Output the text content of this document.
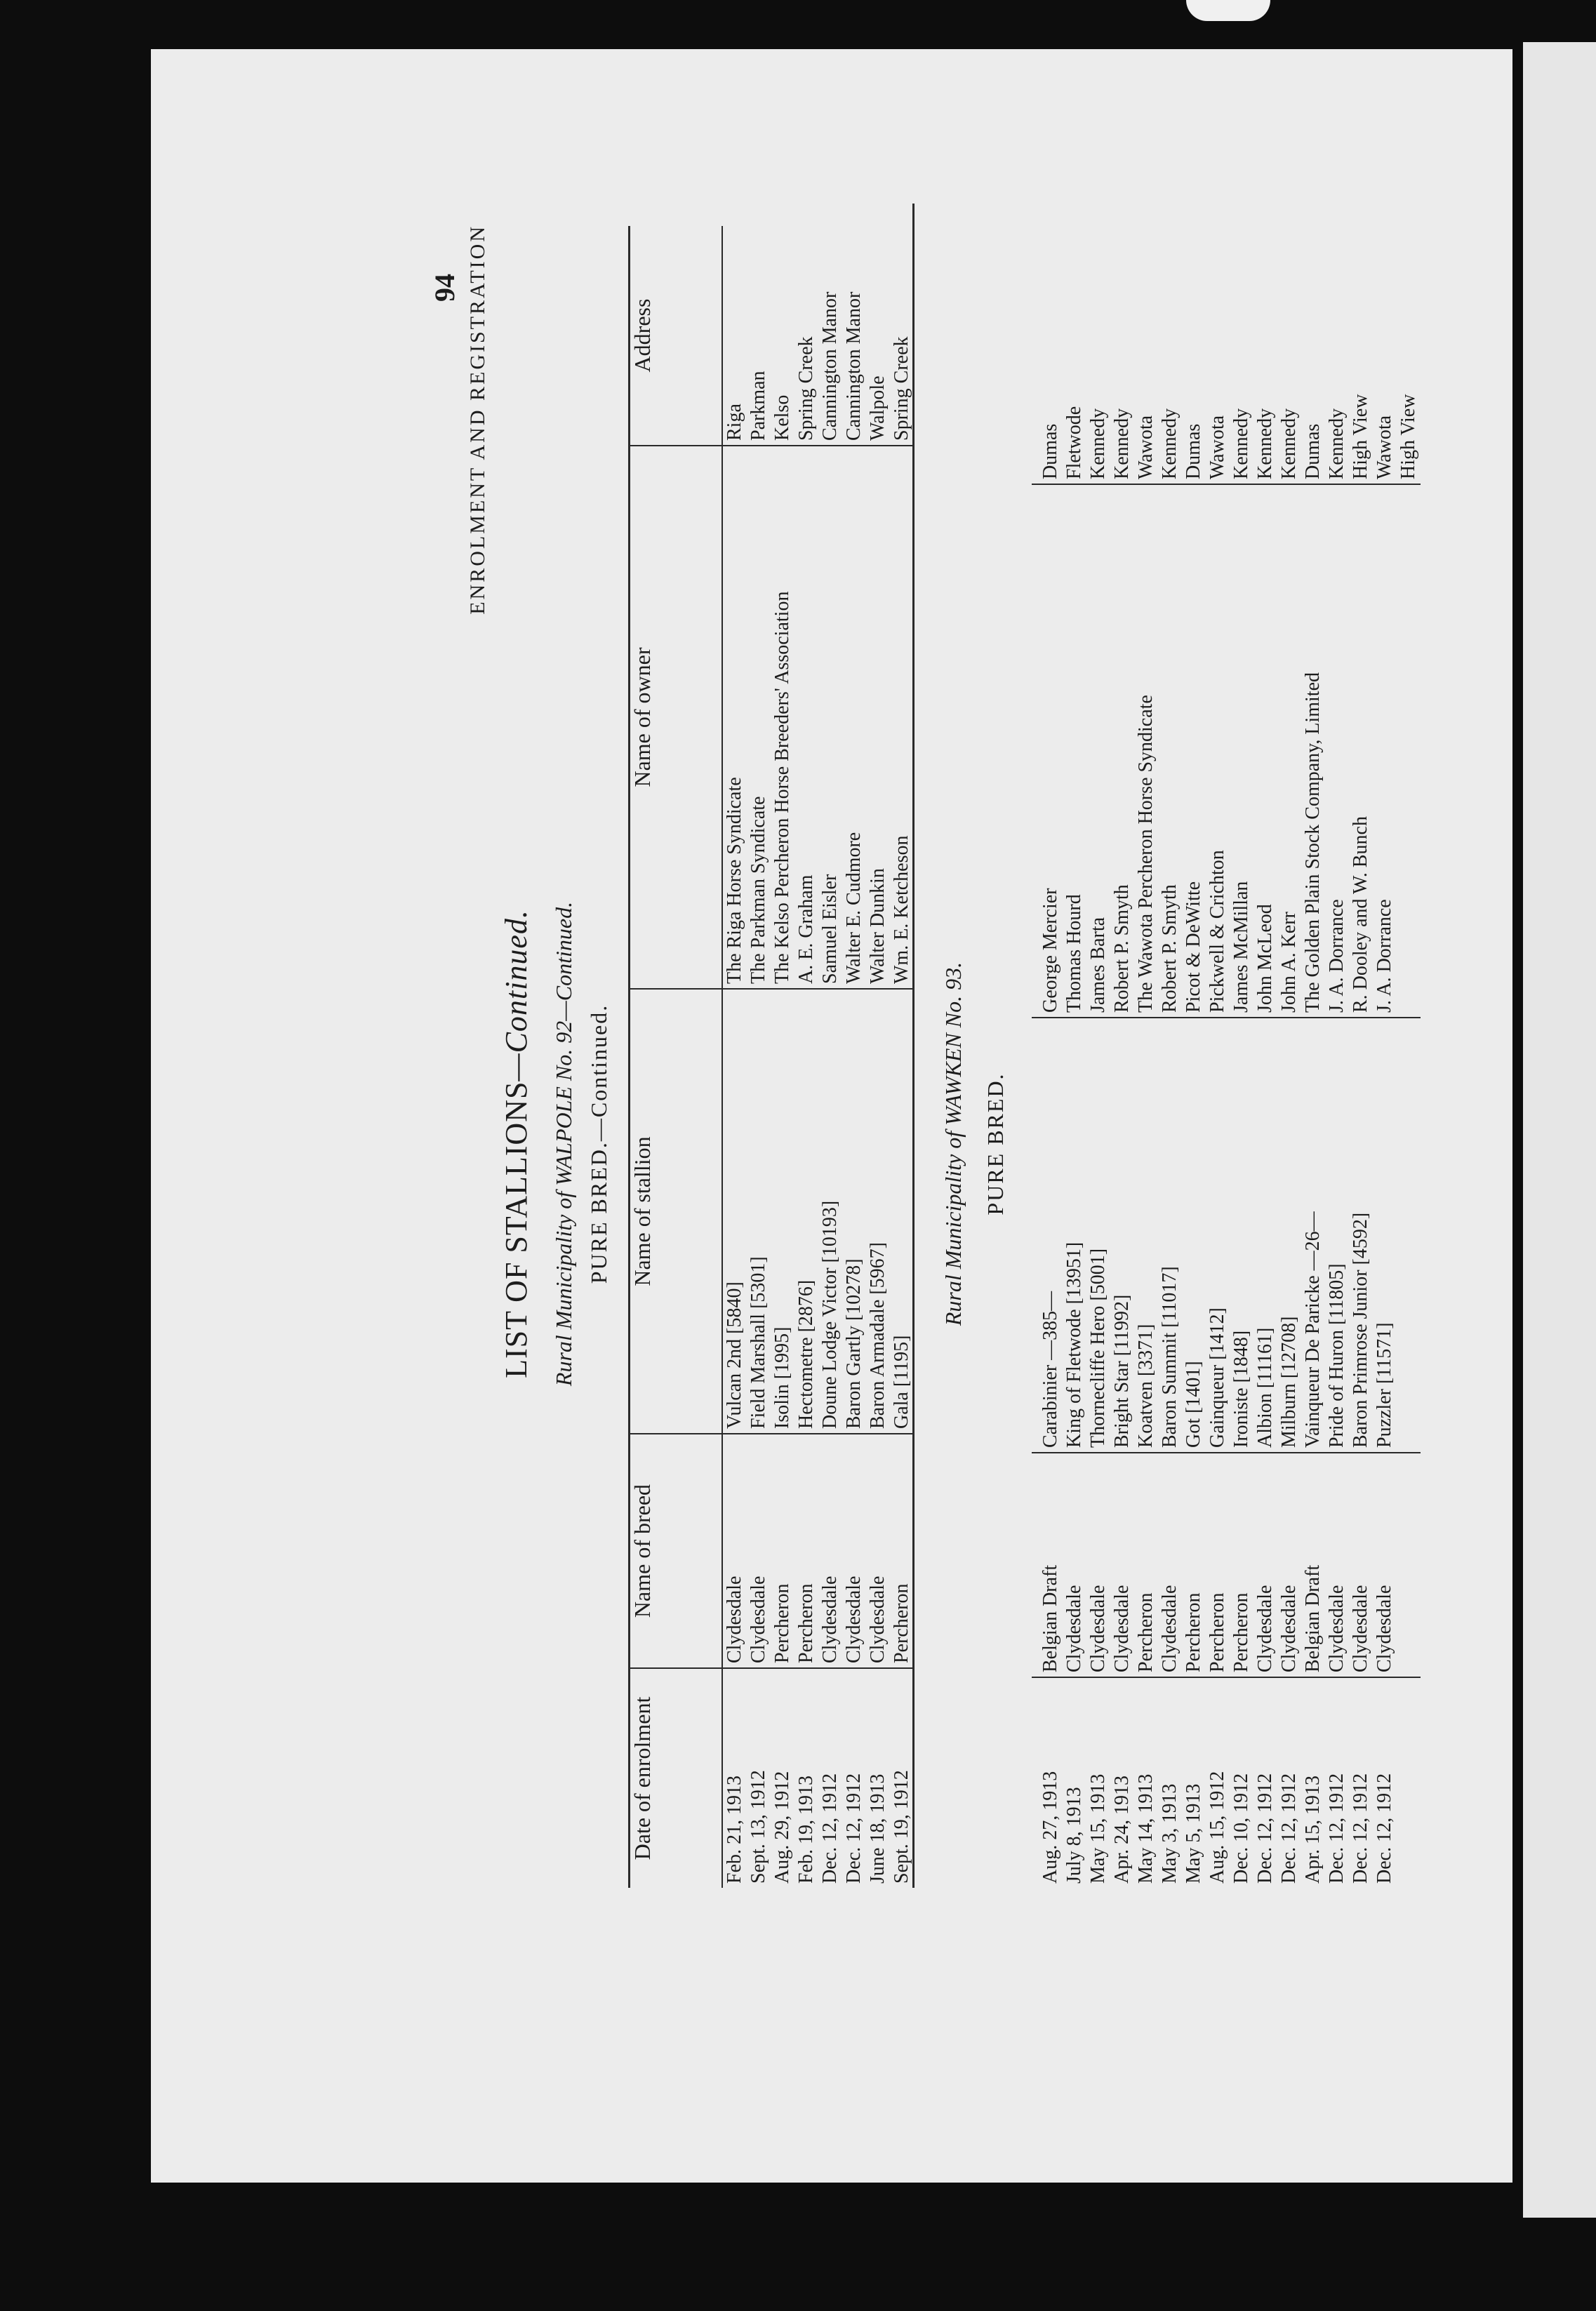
94 ENROLMENT AND REGISTRATION
LIST OF STALLIONS—Continued. Rural Municipality of WALPOLE No. 92—Continued. PURE BRED.—Continued.
Date of enrolment	Name of breed	Name of stallion	Name of owner	Address
Feb. 21, 1913	Clydesdale	Vulcan 2nd [5840]	The Riga Horse Syndicate	Riga
Sept. 13, 1912	Clydesdale	Field Marshall [5301]	The Parkman Syndicate	Parkman
Aug. 29, 1912	Percheron	Isolin [1995]	The Kelso Percheron Horse Breeders' Association	Kelso
Feb. 19, 1913	Percheron	Hectometre [2876]	A. E. Graham	Spring Creek
Dec. 12, 1912	Clydesdale	Doune Lodge Victor [10193]	Samuel Eisler	Cannington Manor
Dec. 12, 1912	Clydesdale	Baron Gartly [10278]	Walter E. Cudmore	Cannington Manor
June 18, 1913	Clydesdale	Baron Armadale [5967]	Walter Dunkin	Walpole
Sept. 19, 1912	Percheron	Gala [1195]	Wm. E. Ketcheson	Spring Creek
Rural Municipality of WAWKEN No. 93. PURE BRED.
Aug. 27, 1913	Belgian Draft	Carabinier —385—	George Mercier	Dumas
July 8, 1913	Clydesdale	King of Fletwode [13951]	Thomas Hourd	Fletwode
May 15, 1913	Clydesdale	Thornecliffe Hero [5001]	James Barta	Kennedy
Apr. 24, 1913	Clydesdale	Bright Star [11992]	Robert P. Smyth	Kennedy
May 14, 1913	Percheron	Koatven [3371]	The Wawota Percheron Horse Syndicate	Wawota
May 3, 1913	Clydesdale	Baron Summit [11017]	Robert P. Smyth	Kennedy
May 5, 1913	Percheron	Got [1401]	Picot & DeWitte	Dumas
Aug. 15, 1912	Percheron	Gainqueur [1412]	Pickwell & Crichton	Wawota
Dec. 10, 1912	Percheron	Ironiste [1848]	James McMillan	Kennedy
Dec. 12, 1912	Clydesdale	Albion [11161]	John McLeod	Kennedy
Dec. 12, 1912	Clydesdale	Milburn [12708]	John A. Kerr	Kennedy
Apr. 15, 1913	Belgian Draft	Vainqueur De Paricke —26—	The Golden Plain Stock Company, Limited	Dumas
Dec. 12, 1912	Clydesdale	Pride of Huron [11805]	J. A. Dorrance	Kennedy
Dec. 12, 1912	Clydesdale	Baron Primrose Junior [4592]	R. Dooley and W. Bunch	High View
Dec. 12, 1912	Clydesdale	Puzzler [11571]	J. A. Dorrance	Wawota
				High View
